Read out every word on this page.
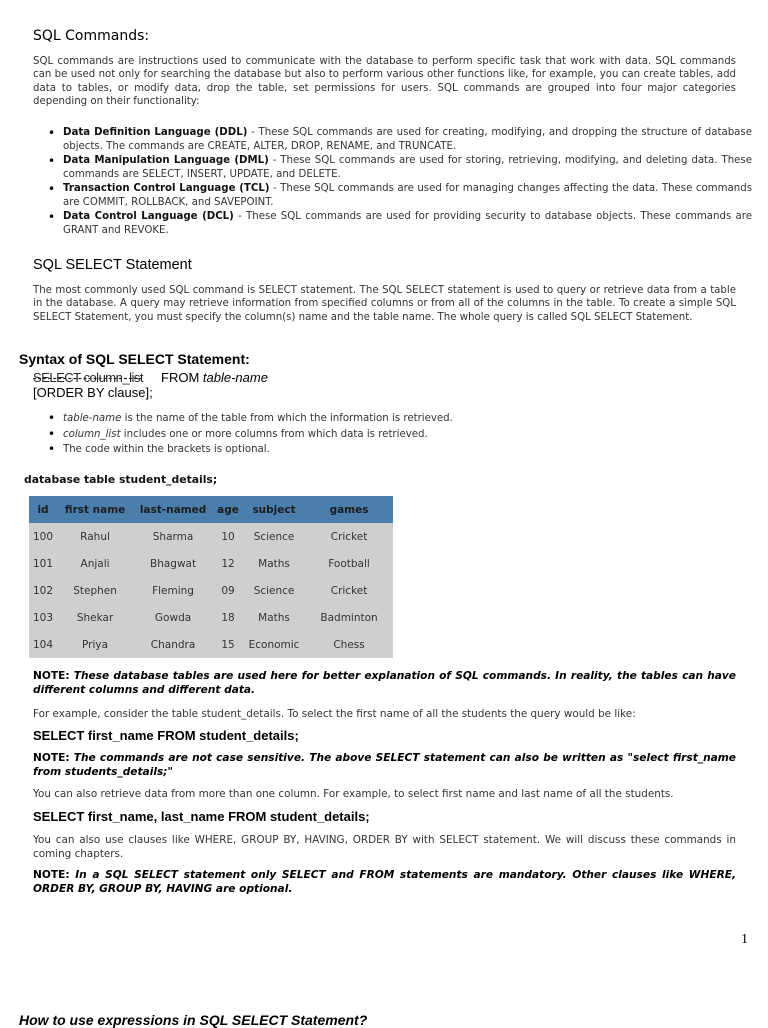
SQL Commands:
SQL commands are instructions used to communicate with the database to perform specific task that work with data. SQL commands can be used not only for searching the database but also to perform various other functions like, for example, you can create tables, add data to tables, or modify data, drop the table, set permissions for users. SQL commands are grouped into four major categories depending on their functionality:
• Data Definition Language (DDL) - These SQL commands are used for creating, modifying, and dropping the structure of database objects. The commands are CREATE, ALTER, DROP, RENAME, and TRUNCATE.
• Data Manipulation Language (DML) - These SQL commands are used for storing, retrieving, modifying, and deleting data. These commands are SELECT, INSERT, UPDATE, and DELETE.
• Transaction Control Language (TCL) - These SQL commands are used for managing changes affecting the data. These commands are COMMIT, ROLLBACK, and SAVEPOINT.
• Data Control Language (DCL) - These SQL commands are used for providing security to database objects. These commands are GRANT and REVOKE.
SQL SELECT Statement
The most commonly used SQL command is SELECT statement. The SQL SELECT statement is used to query or retrieve data from a table in the database. A query may retrieve information from specified columns or from all of the columns in the table. To create a simple SQL SELECT Statement, you must specify the column(s) name and the table name. The whole query is called SQL SELECT Statement.
Syntax of SQL SELECT Statement:
SELECT column_list FROM table-name
[ORDER BY clause];
• table-name is the name of the table from which the information is retrieved.
• column_list includes one or more columns from which data is retrieved.
• The code within the brackets is optional.
database table student_details;
id	first name	last-named	age	subject	games
100	Rahul	Sharma	10	Science	Cricket
101	Anjali	Bhagwat	12	Maths	Football
102	Stephen	Fleming	09	Science	Cricket
103	Shekar	Gowda	18	Maths	Badminton
104	Priya	Chandra	15	Economic	Chess
NOTE: These database tables are used here for better explanation of SQL commands. In reality, the tables can have different columns and different data.
For example, consider the table student_details. To select the first name of all the students the query would be like:
SELECT first_name FROM student_details;
NOTE: The commands are not case sensitive. The above SELECT statement can also be written as "select first_name from students_details;"
You can also retrieve data from more than one column. For example, to select first name and last name of all the students.
SELECT first_name, last_name FROM student_details;
You can also use clauses like WHERE, GROUP BY, HAVING, ORDER BY with SELECT statement. We will discuss these commands in coming chapters.
NOTE: In a SQL SELECT statement only SELECT and FROM statements are mandatory. Other clauses like WHERE, ORDER BY, GROUP BY, HAVING are optional.
1
How to use expressions in SQL SELECT Statement?
